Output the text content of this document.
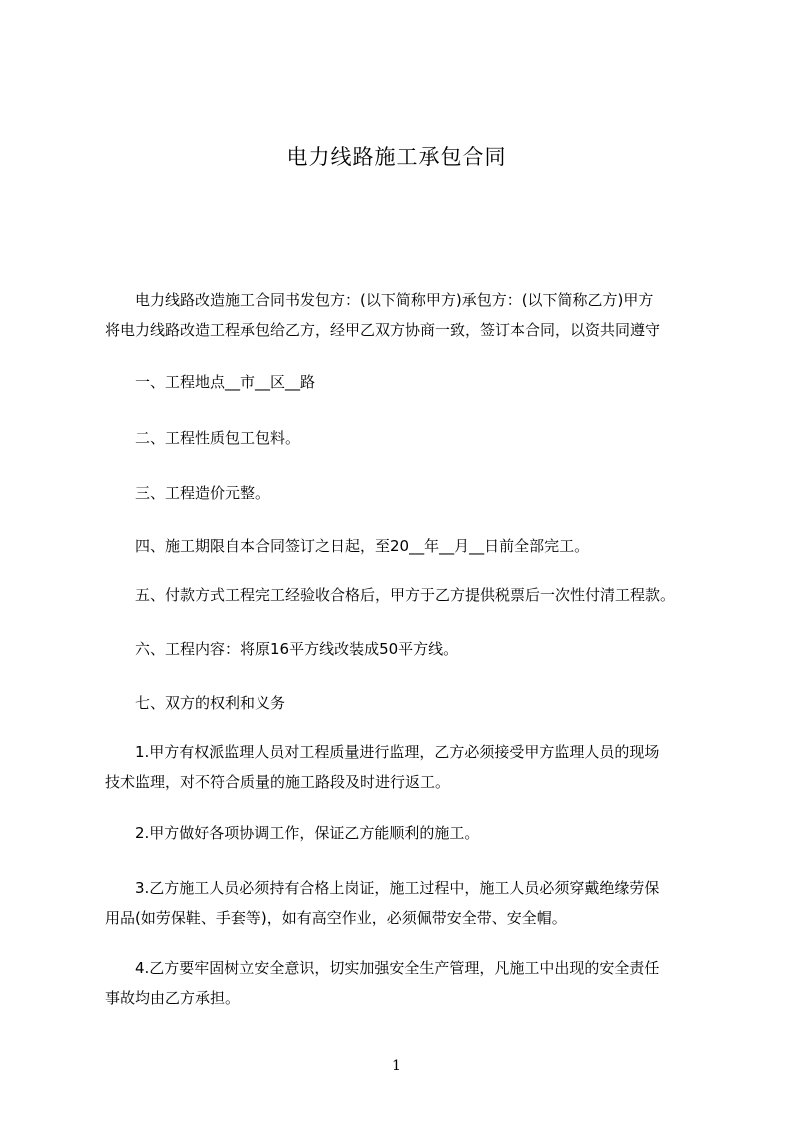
电力线路施工承包合同
　　电力线路改造施工合同书发包方：(以下简称甲方)承包方：(以下简称乙方)甲方
将电力线路改造工程承包给乙方，经甲乙双方协商一致，签订本合同，以资共同遵守
　　一、工程地点__市__区__路
　　二、工程性质包工包料。
　　三、工程造价元整。
　　四、施工期限自本合同签订之日起，至20__年__月__日前全部完工。
　　五、付款方式工程完工经验收合格后，甲方于乙方提供税票后一次性付清工程款。
　　六、工程内容：将原16平方线改装成50平方线。
　　七、双方的权利和义务
　　1.甲方有权派监理人员对工程质量进行监理，乙方必须接受甲方监理人员的现场
技术监理，对不符合质量的施工路段及时进行返工。
　　2.甲方做好各项协调工作，保证乙方能顺利的施工。
　　3.乙方施工人员必须持有合格上岗证，施工过程中，施工人员必须穿戴绝缘劳保
用品(如劳保鞋、手套等)，如有高空作业，必须佩带安全带、安全帽。
　　4.乙方要牢固树立安全意识，切实加强安全生产管理，凡施工中出现的安全责任
事故均由乙方承担。
1
